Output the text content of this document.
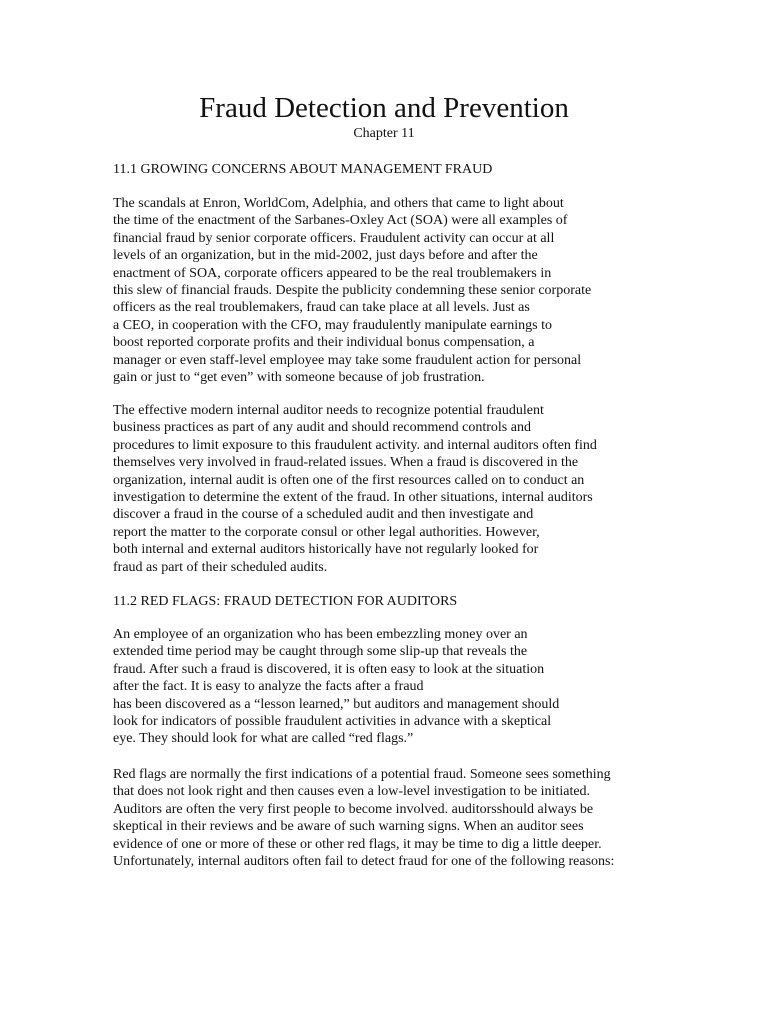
Fraud Detection and Prevention
Chapter 11
11.1 GROWING CONCERNS ABOUT MANAGEMENT FRAUD

The scandals at Enron, WorldCom, Adelphia, and others that came to light about
the time of the enactment of the Sarbanes-Oxley Act (SOA) were all examples of
financial fraud by senior corporate officers. Fraudulent activity can occur at all
levels of an organization, but in the mid-2002, just days before and after the
enactment of SOA, corporate officers appeared to be the real troublemakers in
this slew of financial frauds. Despite the publicity condemning these senior corporate
officers as the real troublemakers, fraud can take place at all levels. Just as
a CEO, in cooperation with the CFO, may fraudulently manipulate earnings to
boost reported corporate profits and their individual bonus compensation, a
manager or even staff-level employee may take some fraudulent action for personal
gain or just to “get even” with someone because of job frustration.

The effective modern internal auditor needs to recognize potential fraudulent
business practices as part of any audit and should recommend controls and
procedures to limit exposure to this fraudulent activity. and internal auditors often find
themselves very involved in fraud-related issues. When a fraud is discovered in the
organization, internal audit is often one of the first resources called on to conduct an
investigation to determine the extent of the fraud. In other situations, internal auditors
discover a fraud in the course of a scheduled audit and then investigate and
report the matter to the corporate consul or other legal authorities. However,
both internal and external auditors historically have not regularly looked for
fraud as part of their scheduled audits.

11.2 RED FLAGS: FRAUD DETECTION FOR AUDITORS

An employee of an organization who has been embezzling money over an
extended time period may be caught through some slip-up that reveals the
fraud. After such a fraud is discovered, it is often easy to look at the situation
after the fact. It is easy to analyze the facts after a fraud
has been discovered as a “lesson learned,” but auditors and management should
look for indicators of possible fraudulent activities in advance with a skeptical
eye. They should look for what are called “red flags.”

Red flags are normally the first indications of a potential fraud. Someone sees something
that does not look right and then causes even a low-level investigation to be initiated.
Auditors are often the very first people to become involved. auditorsshould always be
skeptical in their reviews and be aware of such warning signs. When an auditor sees
evidence of one or more of these or other red flags, it may be time to dig a little deeper.
Unfortunately, internal auditors often fail to detect fraud for one of the following reasons:
